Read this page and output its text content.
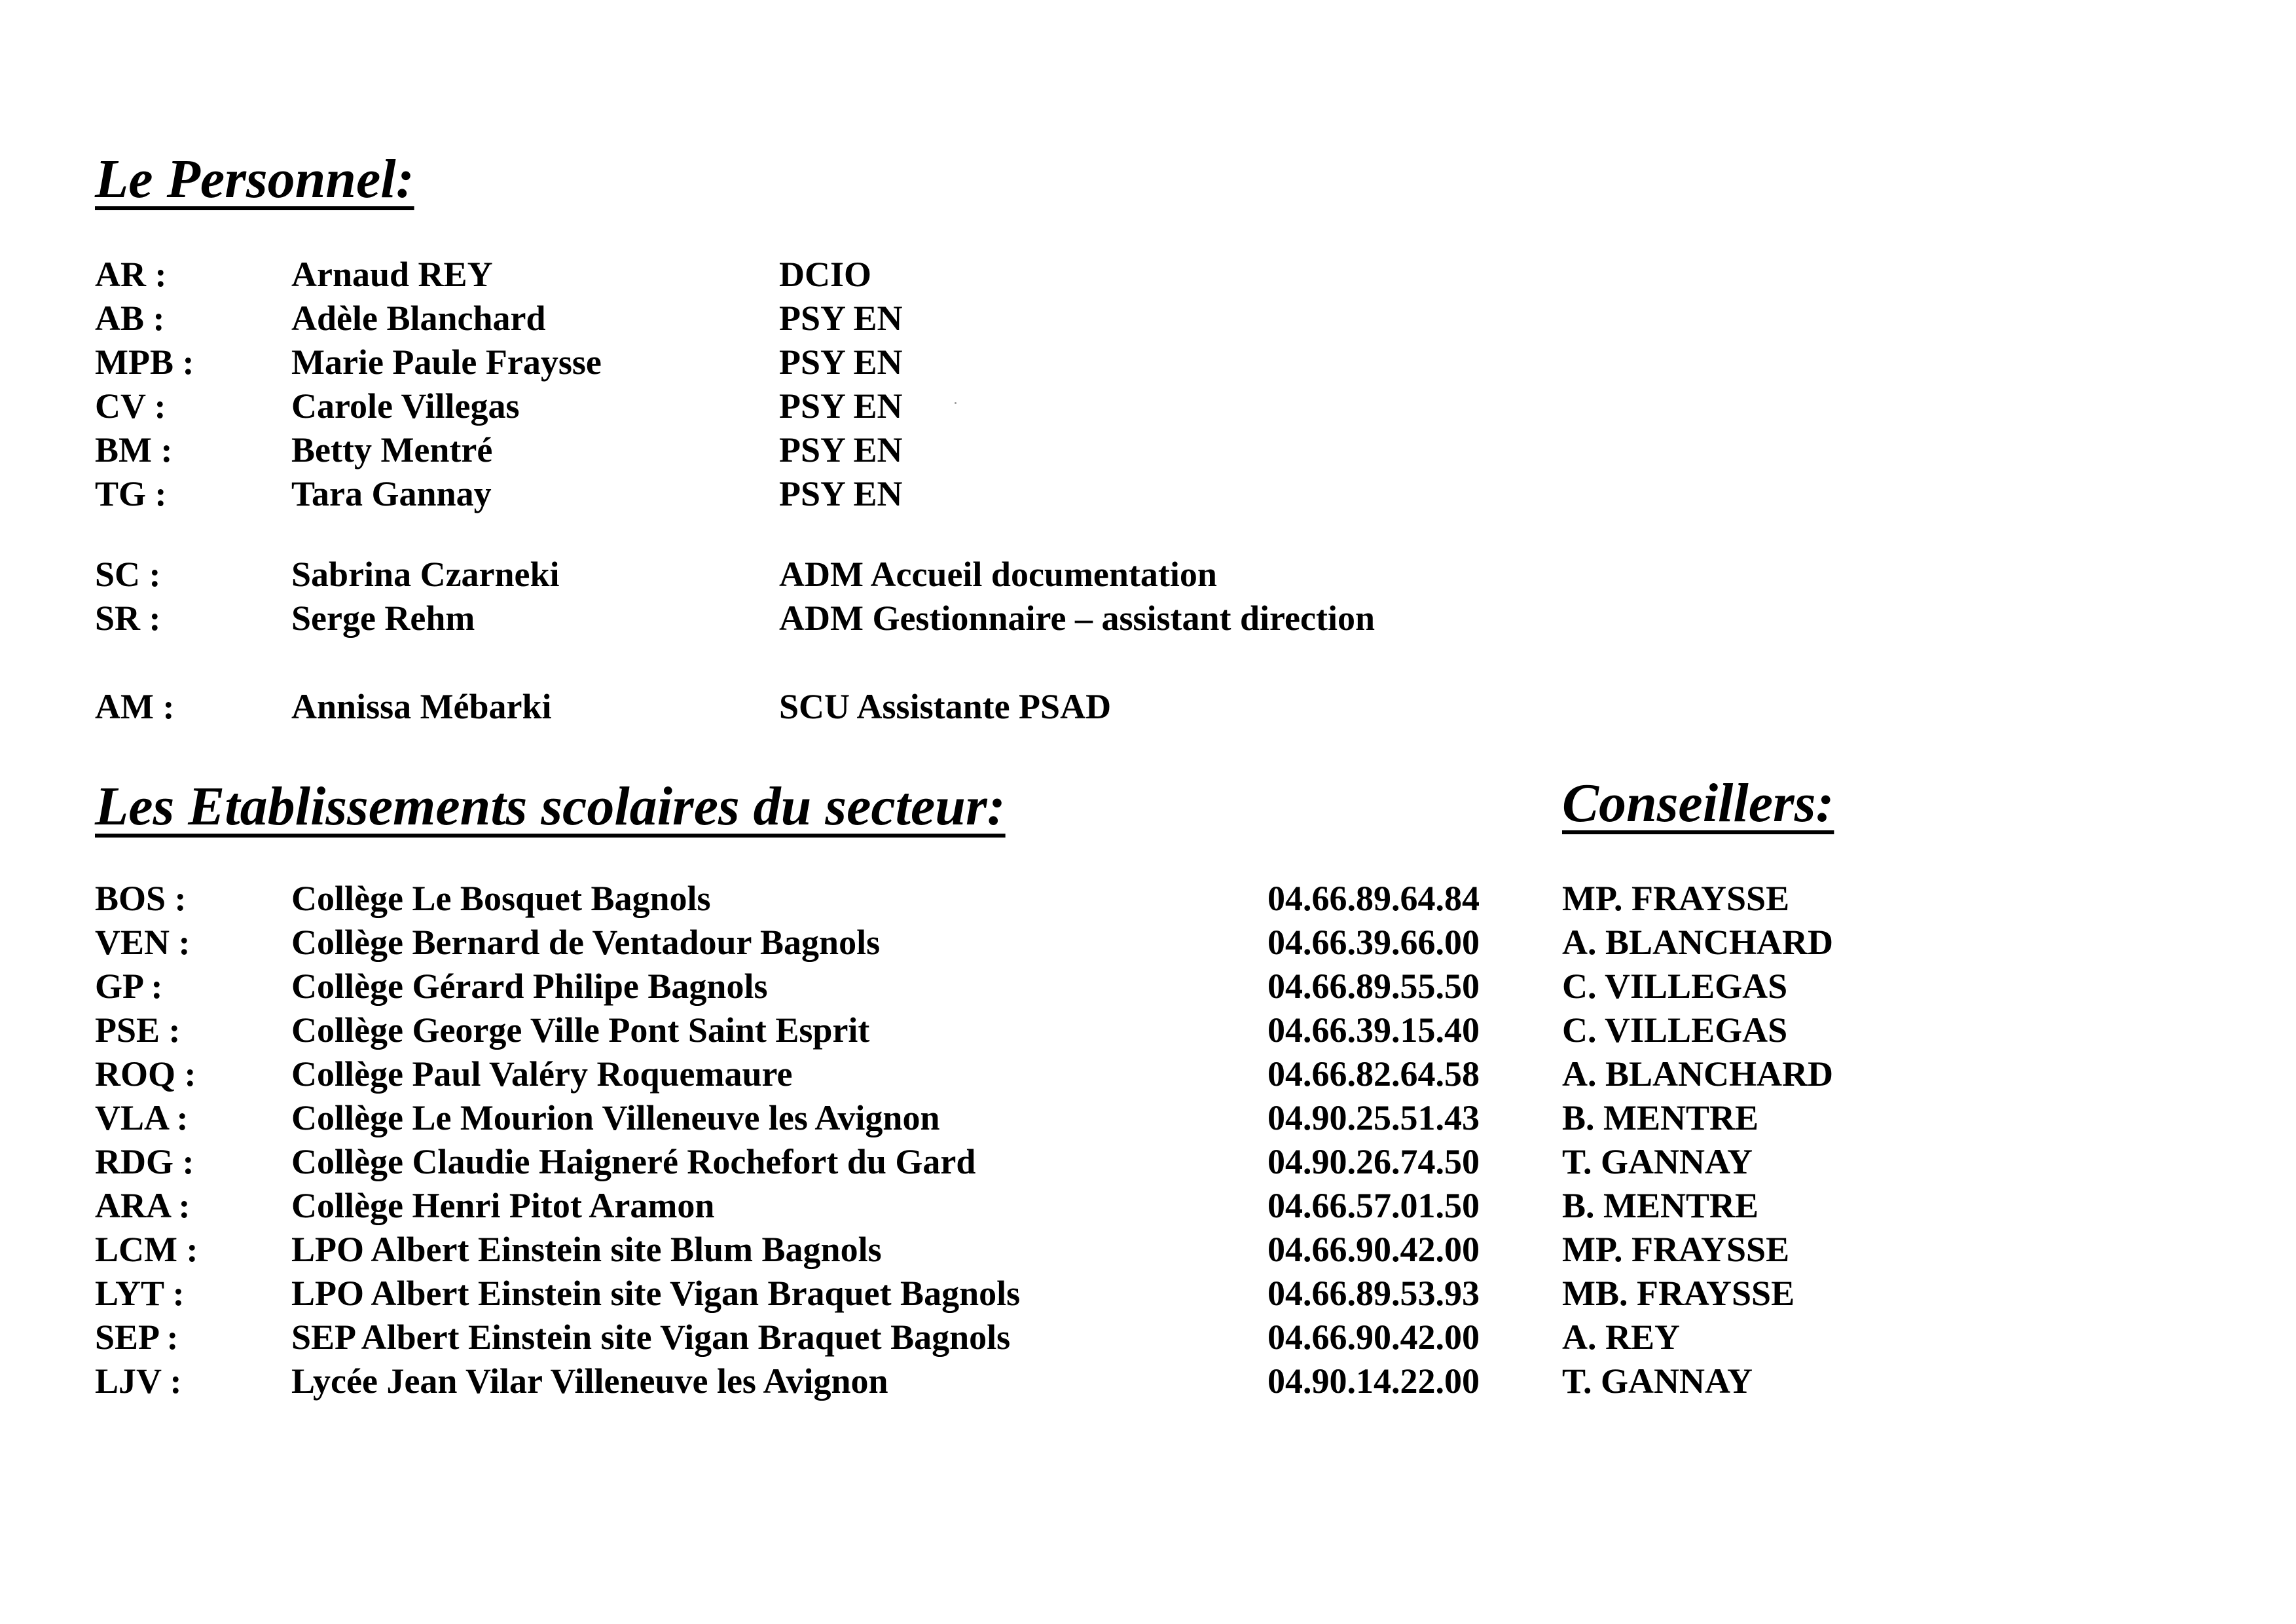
Le Personnel:
AR :	Arnaud REY	DCIO
AB :	Adèle Blanchard	PSY EN
MPB :	Marie Paule Fraysse	PSY EN
CV :	Carole Villegas	PSY EN
BM :	Betty Mentré	PSY EN
TG :	Tara Gannay	PSY EN
SC :	Sabrina Czarneki	ADM Accueil documentation
SR :	Serge Rehm	ADM Gestionnaire – assistant direction
AM :	Annissa Mébarki	SCU Assistante PSAD
Les Etablissements scolaires du secteur:	Conseillers:
BOS :	Collège Le Bosquet Bagnols	04.66.89.64.84 MP. FRAYSSE
VEN :	Collège Bernard de Ventadour Bagnols	04.66.39.66.00 A. BLANCHARD
GP :	Collège Gérard Philipe Bagnols	04.66.89.55.50 C. VILLEGAS
PSE :	Collège George Ville Pont Saint Esprit	04.66.39.15.40 C. VILLEGAS
ROQ :	Collège Paul Valéry Roquemaure	04.66.82.64.58 A. BLANCHARD
VLA :	Collège Le Mourion Villeneuve les Avignon	04.90.25.51.43 B. MENTRE
RDG :	Collège Claudie Haigneré Rochefort du Gard	04.90.26.74.50 T. GANNAY
ARA :	Collège Henri Pitot Aramon	04.66.57.01.50 B. MENTRE
LCM :	LPO Albert Einstein site Blum Bagnols	04.66.90.42.00 MP. FRAYSSE
LYT :	LPO Albert Einstein site Vigan Braquet Bagnols	04.66.89.53.93 MB. FRAYSSE
SEP :	SEP Albert Einstein site Vigan Braquet Bagnols	04.66.90.42.00 A. REY
LJV :	Lycée Jean Vilar Villeneuve les Avignon	04.90.14.22.00 T. GANNAY
